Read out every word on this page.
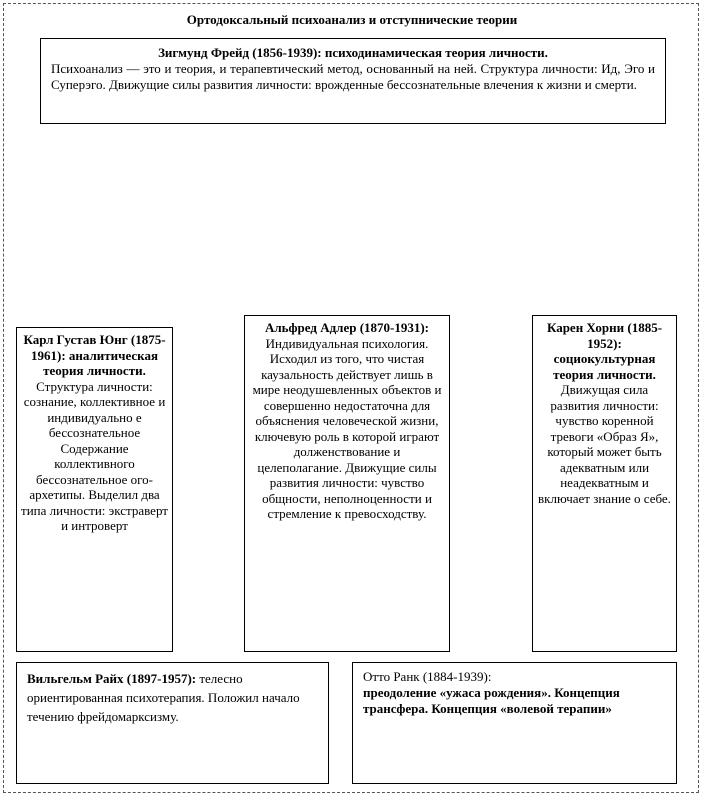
Ортодоксальный психоанализ и отступнические теории
Зигмунд Фрейд (1856-1939): психодинамическая теория личности.
Психоанализ — это и теория, и терапевтический метод, основанный на ней. Структура личности: Ид, Эго и Суперэго. Движущие силы развития личности: врожденные бессознательные влечения к жизни и смерти.
Карл Густав Юнг (1875-1961): аналитическая теория личности.
Структура личности: сознание, коллективное и индивидуально е бессознательное Содержание коллективного бессознательное ого- архетипы. Выделил два типа личности: экстраверт и интроверт
Альфред Адлер (1870-1931):
Индивидуальная психология. Исходил из того, что чистая каузальность действует лишь в мире неодушевленных объектов и совершенно недостаточна для объяснения человеческой жизни, ключевую роль в которой играют долженствование и целеполагание. Движущие силы развития личности: чувство общности, неполноценности и стремление к превосходству.
Карен Хорни (1885-1952): социокультурная теория личности.
Движущая сила развития личности: чувство коренной тревоги «Образ Я», который может быть адекватным или неадекватным и включает знание о себе.
Вильгельм Райх (1897-1957): телесно ориентированная психотерапия. Положил начало течению фрейдомарксизму.
Отто Ранк (1884-1939):
преодоление «ужаса рождения». Концепция трансфера. Концепция «волевой терапии»
